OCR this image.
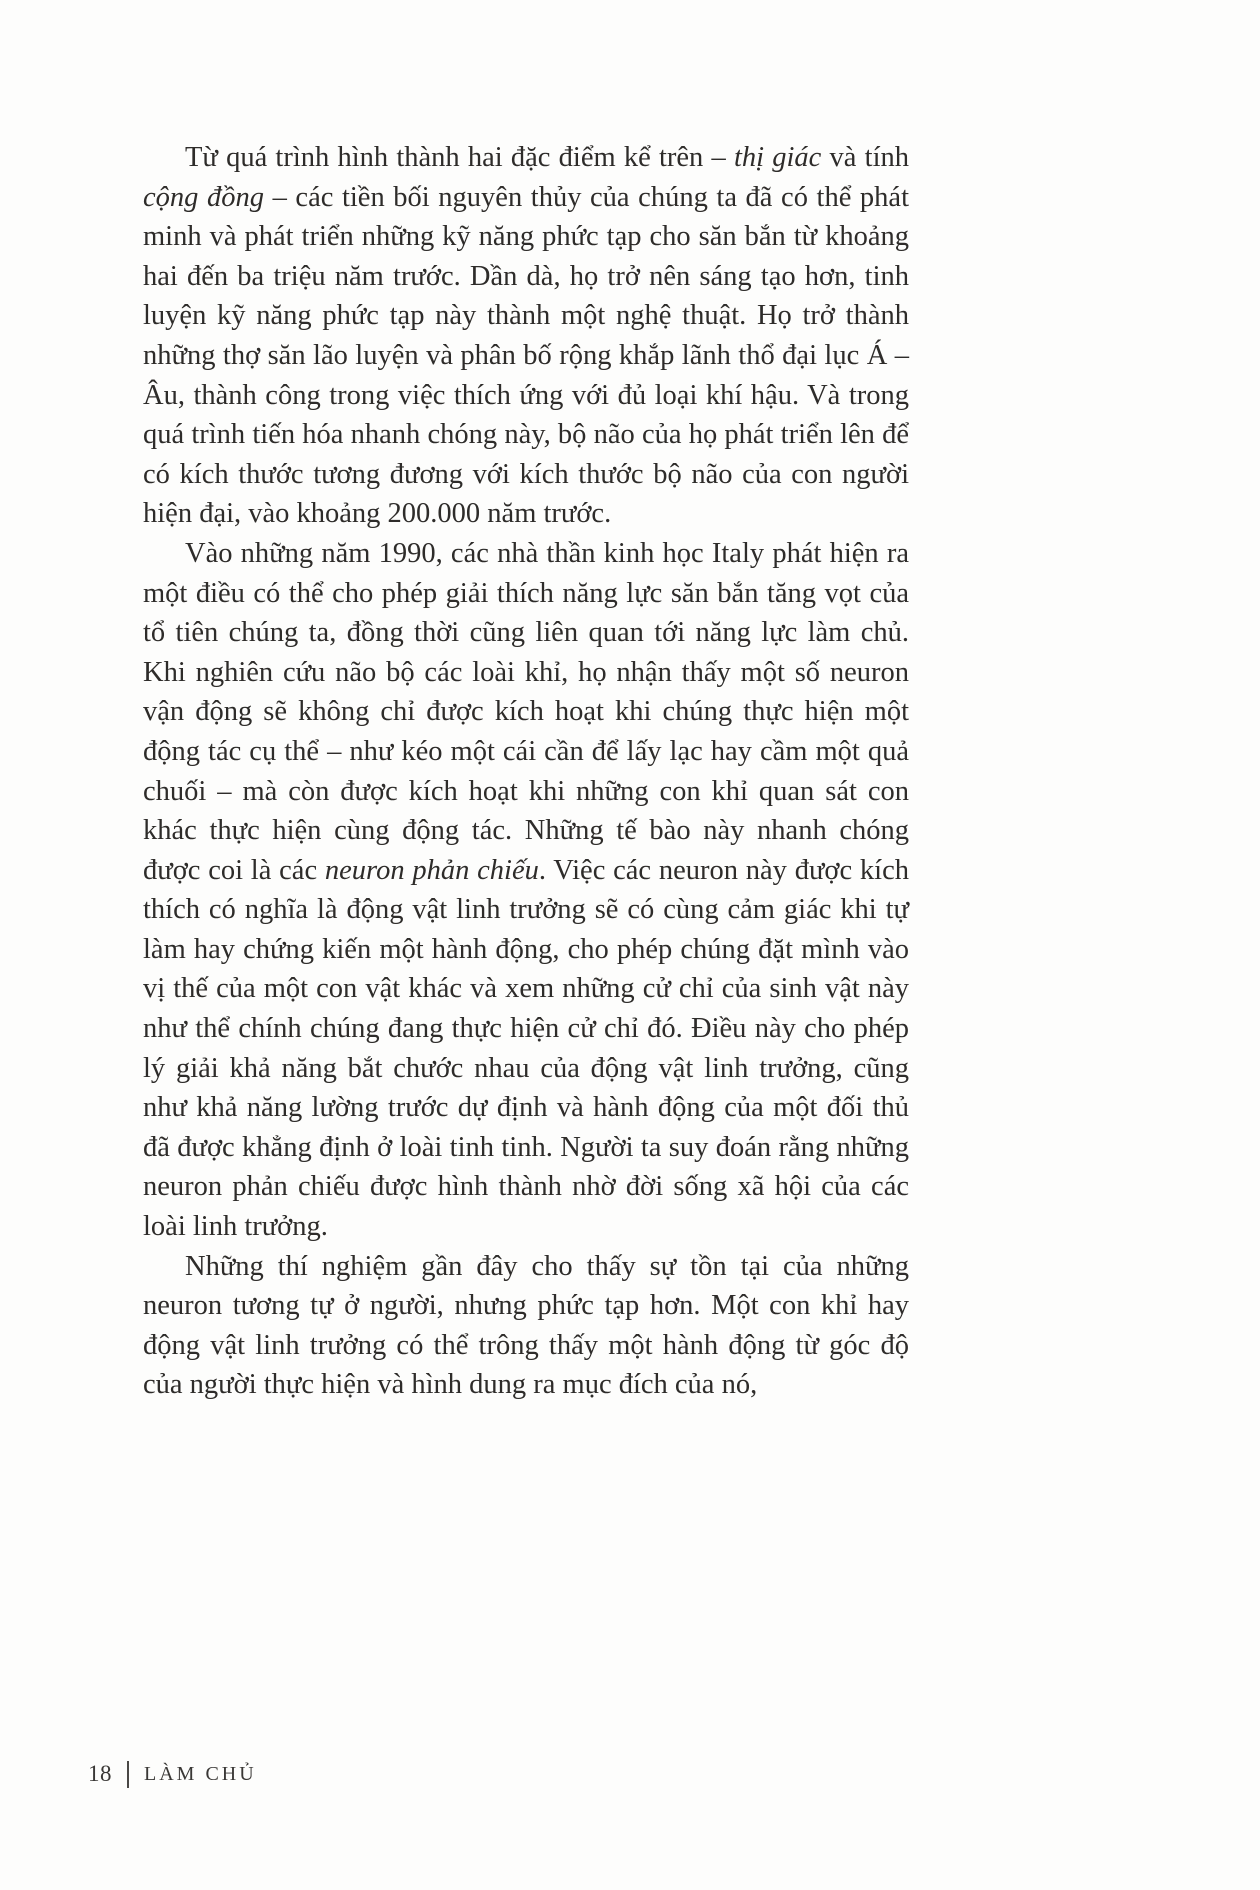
Từ quá trình hình thành hai đặc điểm kể trên – thị giác và tính cộng đồng – các tiền bối nguyên thủy của chúng ta đã có thể phát minh và phát triển những kỹ năng phức tạp cho săn bắn từ khoảng hai đến ba triệu năm trước. Dần dà, họ trở nên sáng tạo hơn, tinh luyện kỹ năng phức tạp này thành một nghệ thuật. Họ trở thành những thợ săn lão luyện và phân bố rộng khắp lãnh thổ đại lục Á – Âu, thành công trong việc thích ứng với đủ loại khí hậu. Và trong quá trình tiến hóa nhanh chóng này, bộ não của họ phát triển lên để có kích thước tương đương với kích thước bộ não của con người hiện đại, vào khoảng 200.000 năm trước.

Vào những năm 1990, các nhà thần kinh học Italy phát hiện ra một điều có thể cho phép giải thích năng lực săn bắn tăng vọt của tổ tiên chúng ta, đồng thời cũng liên quan tới năng lực làm chủ. Khi nghiên cứu não bộ các loài khỉ, họ nhận thấy một số neuron vận động sẽ không chỉ được kích hoạt khi chúng thực hiện một động tác cụ thể – như kéo một cái cần để lấy lạc hay cầm một quả chuối – mà còn được kích hoạt khi những con khỉ quan sát con khác thực hiện cùng động tác. Những tế bào này nhanh chóng được coi là các neuron phản chiếu. Việc các neuron này được kích thích có nghĩa là động vật linh trưởng sẽ có cùng cảm giác khi tự làm hay chứng kiến một hành động, cho phép chúng đặt mình vào vị thế của một con vật khác và xem những cử chỉ của sinh vật này như thể chính chúng đang thực hiện cử chỉ đó. Điều này cho phép lý giải khả năng bắt chước nhau của động vật linh trưởng, cũng như khả năng lường trước dự định và hành động của một đối thủ đã được khẳng định ở loài tinh tinh. Người ta suy đoán rằng những neuron phản chiếu được hình thành nhờ đời sống xã hội của các loài linh trưởng.

Những thí nghiệm gần đây cho thấy sự tồn tại của những neuron tương tự ở người, nhưng phức tạp hơn. Một con khỉ hay động vật linh trưởng có thể trông thấy một hành động từ góc độ của người thực hiện và hình dung ra mục đích của nó,

18 LÀM CHỦ
